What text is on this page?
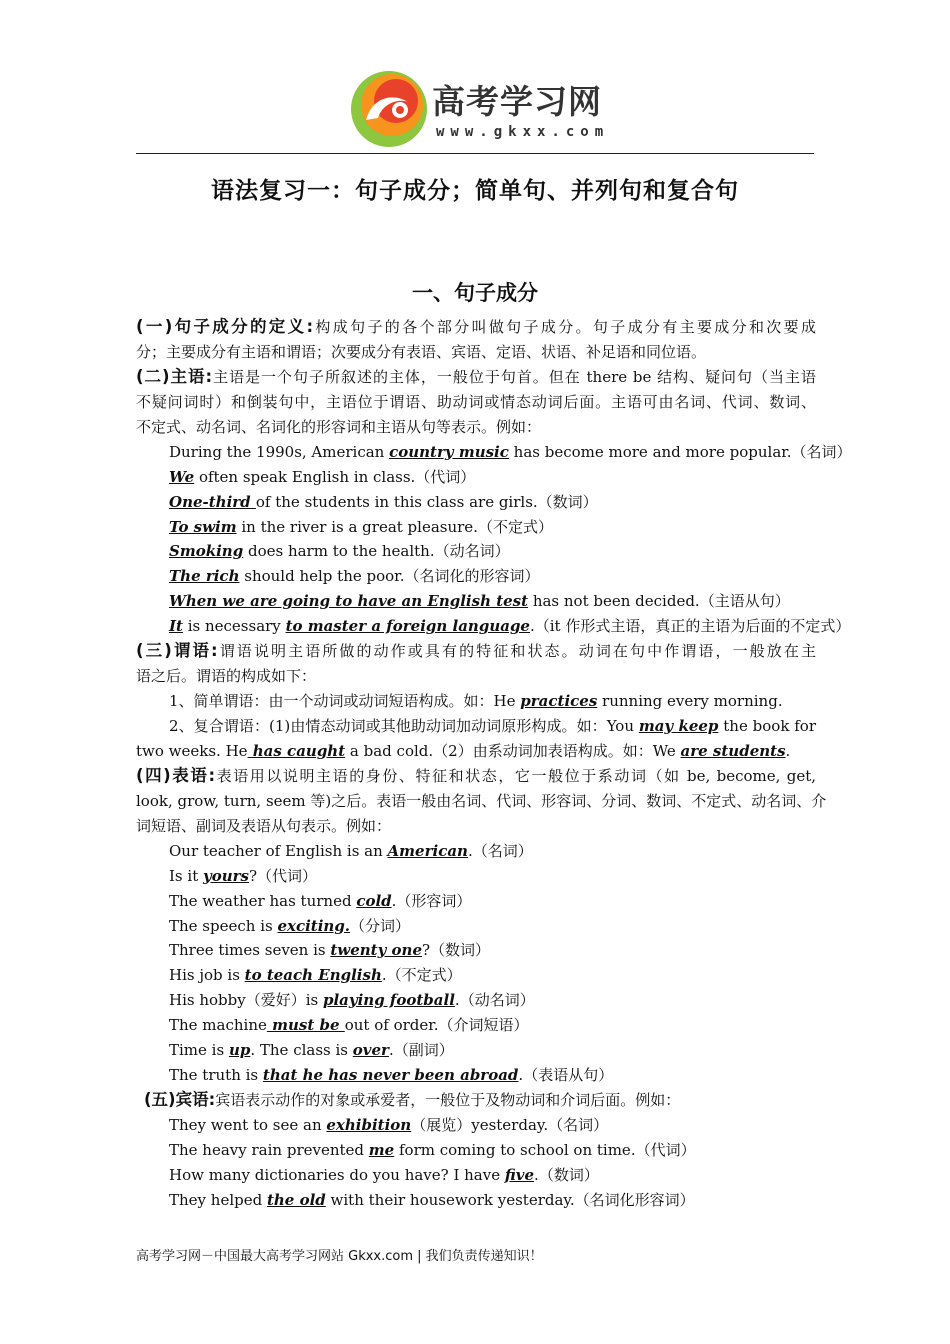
高考学习网
www.gkxx.com
语法复习一：句子成分；简单句、并列句和复合句
一、句子成分
(一)句子成分的定义:构成句子的各个部分叫做句子成分。句子成分有主要成分和次要成
分；主要成分有主语和谓语；次要成分有表语、宾语、定语、状语、补足语和同位语。
(二)主语:主语是一个句子所叙述的主体，一般位于句首。但在 there be 结构、疑问句（当主语
不疑问词时）和倒装句中，主语位于谓语、助动词或情态动词后面。主语可由名词、代词、数词、
不定式、动名词、名词化的形容词和主语从句等表示。例如：
During the 1990s, American country music has become more and more popular.（名词）
We often speak English in class.（代词）
One-third of the students in this class are girls.（数词）
To swim in the river is a great pleasure.（不定式）
Smoking does harm to the health.（动名词）
The rich should help the poor.（名词化的形容词）
When we are going to have an English test has not been decided.（主语从句）
It is necessary to master a foreign language.（it 作形式主语，真正的主语为后面的不定式）
(三)谓语:谓语说明主语所做的动作或具有的特征和状态。动词在句中作谓语，一般放在主
语之后。谓语的构成如下：
1、简单谓语：由一个动词或动词短语构成。如：He practices running every morning.
2、复合谓语：(1)由情态动词或其他助动词加动词原形构成。如：You may keep the book for
two weeks. He has caught a bad cold.（2）由系动词加表语构成。如：We are students.
(四)表语:表语用以说明主语的身份、特征和状态，它一般位于系动词（如 be, become, get,
look, grow, turn, seem 等)之后。表语一般由名词、代词、形容词、分词、数词、不定式、动名词、介
词短语、副词及表语从句表示。例如：
Our teacher of English is an American.（名词）
Is it yours?（代词）
The weather has turned cold.（形容词）
The speech is exciting.（分词）
Three times seven is twenty one?（数词）
His job is to teach English.（不定式）
His hobby（爱好）is playing football.（动名词）
The machine must be out of order.（介词短语）
Time is up. The class is over.（副词）
The truth is that he has never been abroad.（表语从句）
(五)宾语:宾语表示动作的对象或承爱者，一般位于及物动词和介词后面。例如：
They went to see an exhibition（展览）yesterday.（名词）
The heavy rain prevented me form coming to school on time.（代词）
How many dictionaries do you have? I have five.（数词）
They helped the old with their housework yesterday.（名词化形容词）
高考学习网－中国最大高考学习网站 Gkxx.com | 我们负责传递知识！
